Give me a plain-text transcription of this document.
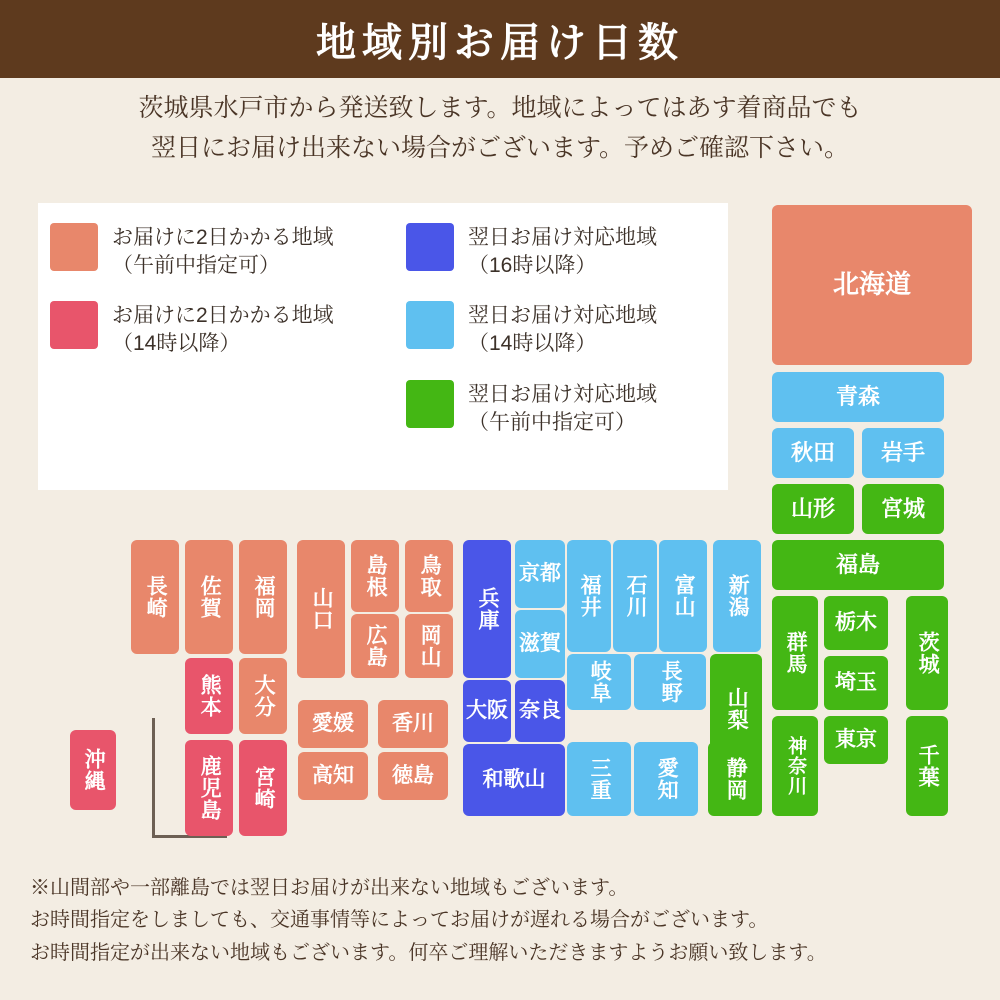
地域別お届け日数
茨城県水戸市から発送致します。地域によってはあす着商品でも
翌日にお届け出来ない場合がございます。予めご確認下さい。
お届けに2日かかる地域
（午前中指定可）
お届けに2日かかる地域
（14時以降）
翌日お届け対応地域
（16時以降）
翌日お届け対応地域
（14時以降）
翌日お届け対応地域
（午前中指定可）
北海道
青森
秋田 岩手
山形 宮城
福島
群馬
栃木
茨城
埼玉
神奈川 東京
千葉
新潟
富山
石川
福井
長野
山梨
岐阜
三重 愛知 静岡
京都
滋賀
奈良
兵庫
大阪
和歌山
鳥取
島根
岡山
広島
山口
香川
徳島
愛媛
高知
福岡
佐賀
長崎
大分
熊本
宮崎
鹿児島
沖縄
※山間部や一部離島では翌日お届けが出来ない地域もございます。
お時間指定をしましても、交通事情等によってお届けが遅れる場合がございます。
お時間指定が出来ない地域もございます。何卒ご理解いただきますようお願い致します。
